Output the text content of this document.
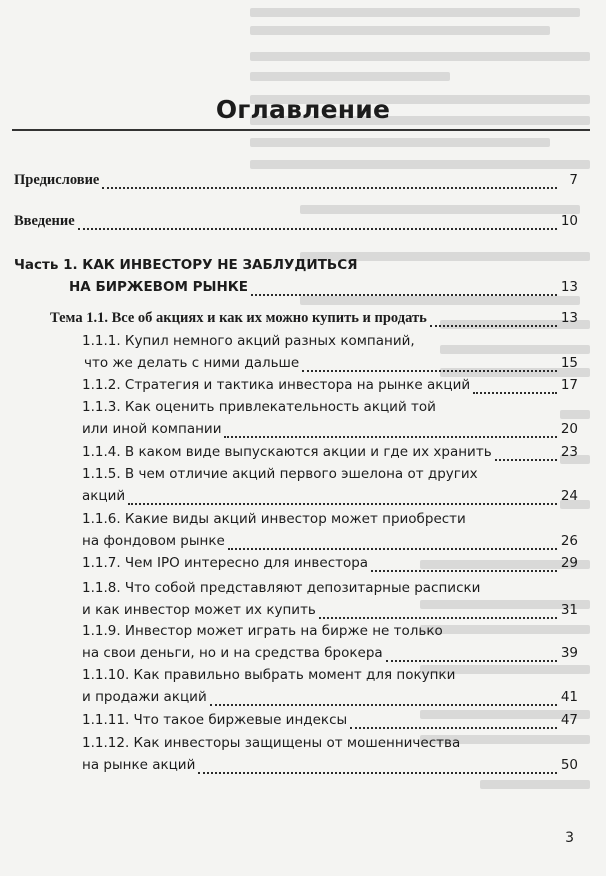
Оглавление
Предисловие	7
Введение	10
Часть 1. КАК ИНВЕСТОРУ НЕ ЗАБЛУДИТЬСЯ
НА БИРЖЕВОМ РЫНКЕ	13
Тема 1.1. Все об акциях и как их можно купить и продать	13
1.1.1. Купил немного акций разных компаний,
что же делать с ними дальше	15
1.1.2. Стратегия и тактика инвестора на рынке акций	17
1.1.3. Как оценить привлекательность акций той
или иной компании	20
1.1.4. В каком виде выпускаются акции и где их хранить	23
1.1.5. В чем отличие акций первого эшелона от других
акций	24
1.1.6. Какие виды акций инвестор может приобрести
на фондовом рынке	26
1.1.7. Чем IPO интересно для инвестора	29
1.1.8. Что собой представляют депозитарные расписки
и как инвестор может их купить	31
1.1.9. Инвестор может играть на бирже не только
на свои деньги, но и на средства брокера	39
1.1.10. Как правильно выбрать момент для покупки
и продажи акций	41
1.1.11. Что такое биржевые индексы	47
1.1.12. Как инвесторы защищены от мошенничества
на рынке акций	50
3
